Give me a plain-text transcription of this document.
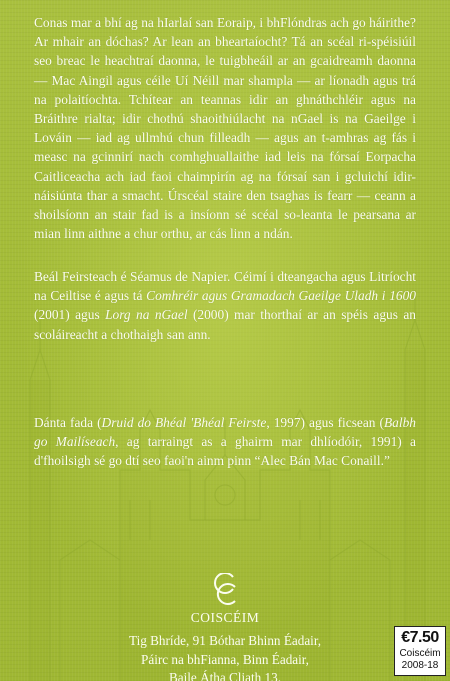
Conas mar a bhí ag na hIarlaí san Eoraip, i bhFlóndras ach go háirithe? Ar mhair an dóchas? Ar lean an bheartaíocht? Tá an scéal ri-spéisiúil seo breac le heachtraí daonna, le tuigbheáil ar an gcaidreamh daonna — Mac Aingil agus céile Uí Néill mar shampla — ar líonadh agus trá na polaitíochta. Tchítear an teannas idir an ghnáthchléir agus na Bráithre rialta; idir chothú shaoithiúlacht na nGael is na Gaeilge i Lováin — iad ag ullmhú chun filleadh — agus an t-amhras ag fás i measc na gcinnirí nach comhghuallaithe iad leis na fórsaí Eorpacha Caitliceacha ach iad faoi chaimpirín ag na fórsaí san i gcluichí idir-náisiúnta thar a smacht. Úrscéal staire den tsaghas is fearr — ceann a shoilsíonn an stair fad is a insíonn sé scéal so-leanta le pearsana ar mian linn aithne a chur orthu, ar cás linn a ndán.

Beál Feirsteach é Séamus de Napier. Céimí i dteangacha agus Litríocht na Ceiltise é agus tá Comhréir agus Gramadach Gaeilge Uladh i 1600 (2001) agus Lorg na nGael (2000) mar thorthaí ar an spéis agus an scoláireacht a chothaigh san ann.

Dánta fada (Druid do Bhéal 'Bhéal Feirste, 1997) agus ficsean (Balbh go Mailíseach, ag tarraingt as a ghairm mar dhlíodóir, 1991) a d'fhoilsigh sé go dtí seo faoi'n ainm pinn “Alec Bán Mac Conaill.”

COISCÉIM
Tig Bhríde, 91 Bóthar Bhinn Éadair,
Páirc na bhFianna, Binn Éadair,
Baile Átha Cliath 13.
€7.50
Coiscéim
2008-18
